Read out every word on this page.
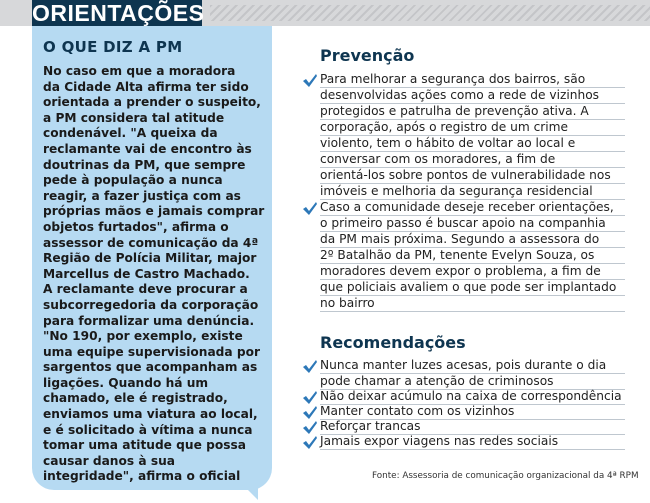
ORIENTAÇÕES
O QUE DIZ A PM
No caso em que a moradora
da Cidade Alta afirma ter sido
orientada a prender o suspeito,
a PM considera tal atitude
condenável. "A queixa da
reclamante vai de encontro às
doutrinas da PM, que sempre
pede à população a nunca
reagir, a fazer justiça com as
próprias mãos e jamais comprar
objetos furtados", afirma o
assessor de comunicação da 4ª
Região de Polícia Militar, major
Marcellus de Castro Machado.
A reclamante deve procurar a
subcorregedoria da corporação
para formalizar uma denúncia.
"No 190, por exemplo, existe
uma equipe supervisionada por
sargentos que acompanham as
ligações. Quando há um
chamado, ele é registrado,
enviamos uma viatura ao local,
e é solicitado à vítima a nunca
tomar uma atitude que possa
causar danos à sua
integridade", afirma o oficial
Prevenção
Para melhorar a segurança dos bairros, são
desenvolvidas ações como a rede de vizinhos
protegidos e patrulha de prevenção ativa. A
corporação, após o registro de um crime
violento, tem o hábito de voltar ao local e
conversar com os moradores, a fim de
orientá-los sobre pontos de vulnerabilidade nos
imóveis e melhoria da segurança residencial
Caso a comunidade deseje receber orientações,
o primeiro passo é buscar apoio na companhia
da PM mais próxima. Segundo a assessora do
2º Batalhão da PM, tenente Evelyn Souza, os
moradores devem expor o problema, a fim de
que policiais avaliem o que pode ser implantado
no bairro
Recomendações
Nunca manter luzes acesas, pois durante o dia
pode chamar a atenção de criminosos
Não deixar acúmulo na caixa de correspondência
Manter contato com os vizinhos
Reforçar trancas
Jamais expor viagens nas redes sociais
Fonte: Assessoria de comunicação organizacional da 4ª RPM
